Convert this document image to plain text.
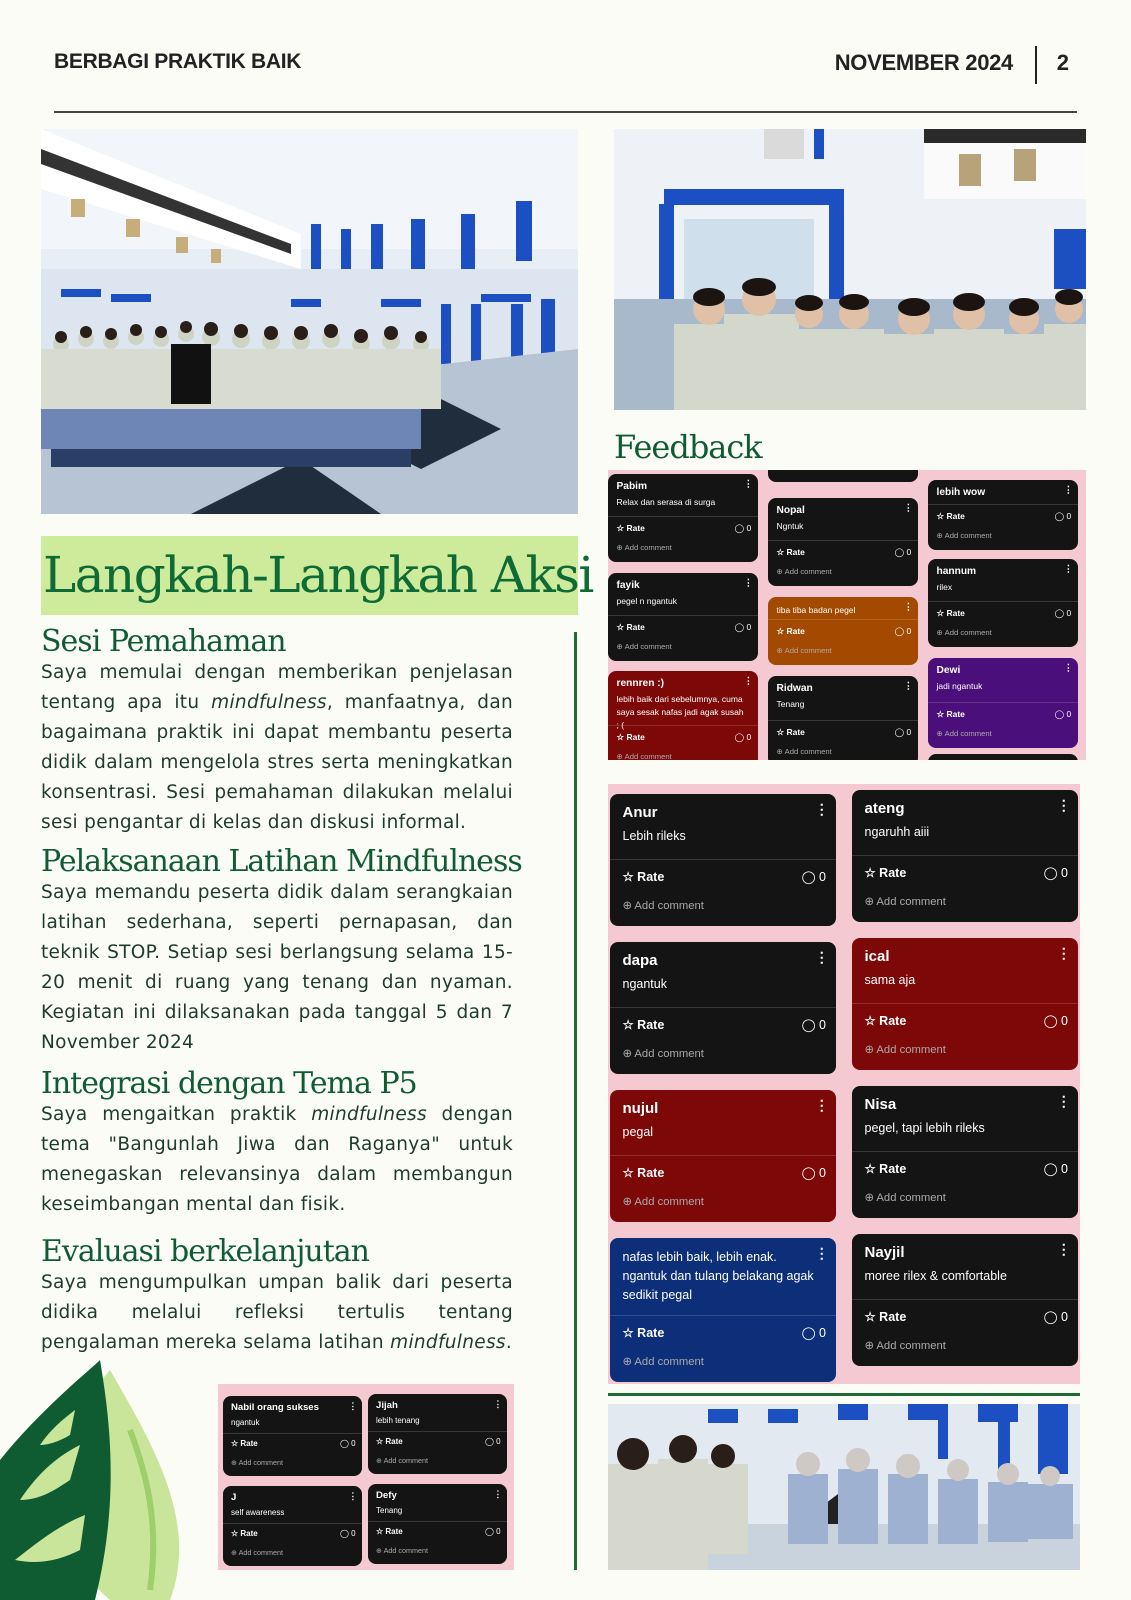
BERBAGI PRAKTIK BAIK	NOVEMBER 2024 2
Langkah-Langkah Aksi
Sesi Pemahaman
Saya memulai dengan memberikan penjelasan tentang apa itu mindfulness, manfaatnya, dan bagaimana praktik ini dapat membantu peserta didik dalam mengelola stres serta meningkatkan konsentrasi. Sesi pemahaman dilakukan melalui sesi pengantar di kelas dan diskusi informal.
Pelaksanaan Latihan Mindfulness
Saya memandu peserta didik dalam serangkaian latihan sederhana, seperti pernapasan, dan teknik STOP. Setiap sesi berlangsung selama 15-20 menit di ruang yang tenang dan nyaman. Kegiatan ini dilaksanakan pada tanggal 5 dan 7 November 2024
Integrasi dengan Tema P5
Saya mengaitkan praktik mindfulness dengan tema "Bangunlah Jiwa dan Raganya" untuk menegaskan relevansinya dalam membangun keseimbangan mental dan fisik.
Evaluasi berkelanjutan
Saya mengumpulkan umpan balik dari peserta didika melalui refleksi tertulis tentang pengalaman mereka selama latihan mindfulness.
Feedback
Pabim	⋮
Relax dan serasa di surga
☆ Rate	◯ 0
⊕ Add comment
fayik	⋮
pegel n ngantuk
☆ Rate	◯ 0
⊕ Add comment
rennren :)	⋮
lebih baik dari sebelumnya, cuma saya sesak nafas jadi agak susah ; (
☆ Rate	◯ 0
⊕ Add comment
Nopal	⋮
Ngntuk
☆ Rate	◯ 0
⊕ Add comment
⋮
tiba tiba badan pegel
☆ Rate	◯ 0
⊕ Add comment
Ridwan	⋮
Tenang
☆ Rate	◯ 0
⊕ Add comment
lebih wow	⋮
☆ Rate	◯ 0
⊕ Add comment
hannum	⋮
rilex
☆ Rate	◯ 0
⊕ Add comment
Dewi	⋮
jadi ngantuk
☆ Rate	◯ 0
⊕ Add comment
Anur	⋮
Lebih rileks
☆ Rate	◯ 0
⊕ Add comment
dapa	⋮
ngantuk
☆ Rate	◯ 0
⊕ Add comment
nujul	⋮
pegal
☆ Rate	◯ 0
⊕ Add comment
⋮
nafas lebih baik, lebih enak. ngantuk dan tulang belakang agak sedikit pegal
☆ Rate	◯ 0
⊕ Add comment
ateng	⋮
ngaruhh aiii
☆ Rate	◯ 0
⊕ Add comment
ical	⋮
sama aja
☆ Rate	◯ 0
⊕ Add comment
Nisa	⋮
pegel, tapi lebih rileks
☆ Rate	◯ 0
⊕ Add comment
Nayjil	⋮
moree rilex & comfortable
☆ Rate	◯ 0
⊕ Add comment
Nabil orang sukses	⋮
ngantuk
☆ Rate	◯ 0
⊕ Add comment
J	⋮
self awareness
☆ Rate	◯ 0
⊕ Add comment
Jijah	⋮
lebih tenang
☆ Rate	◯ 0
⊕ Add comment
Defy	⋮
Tenang
☆ Rate	◯ 0
⊕ Add comment
